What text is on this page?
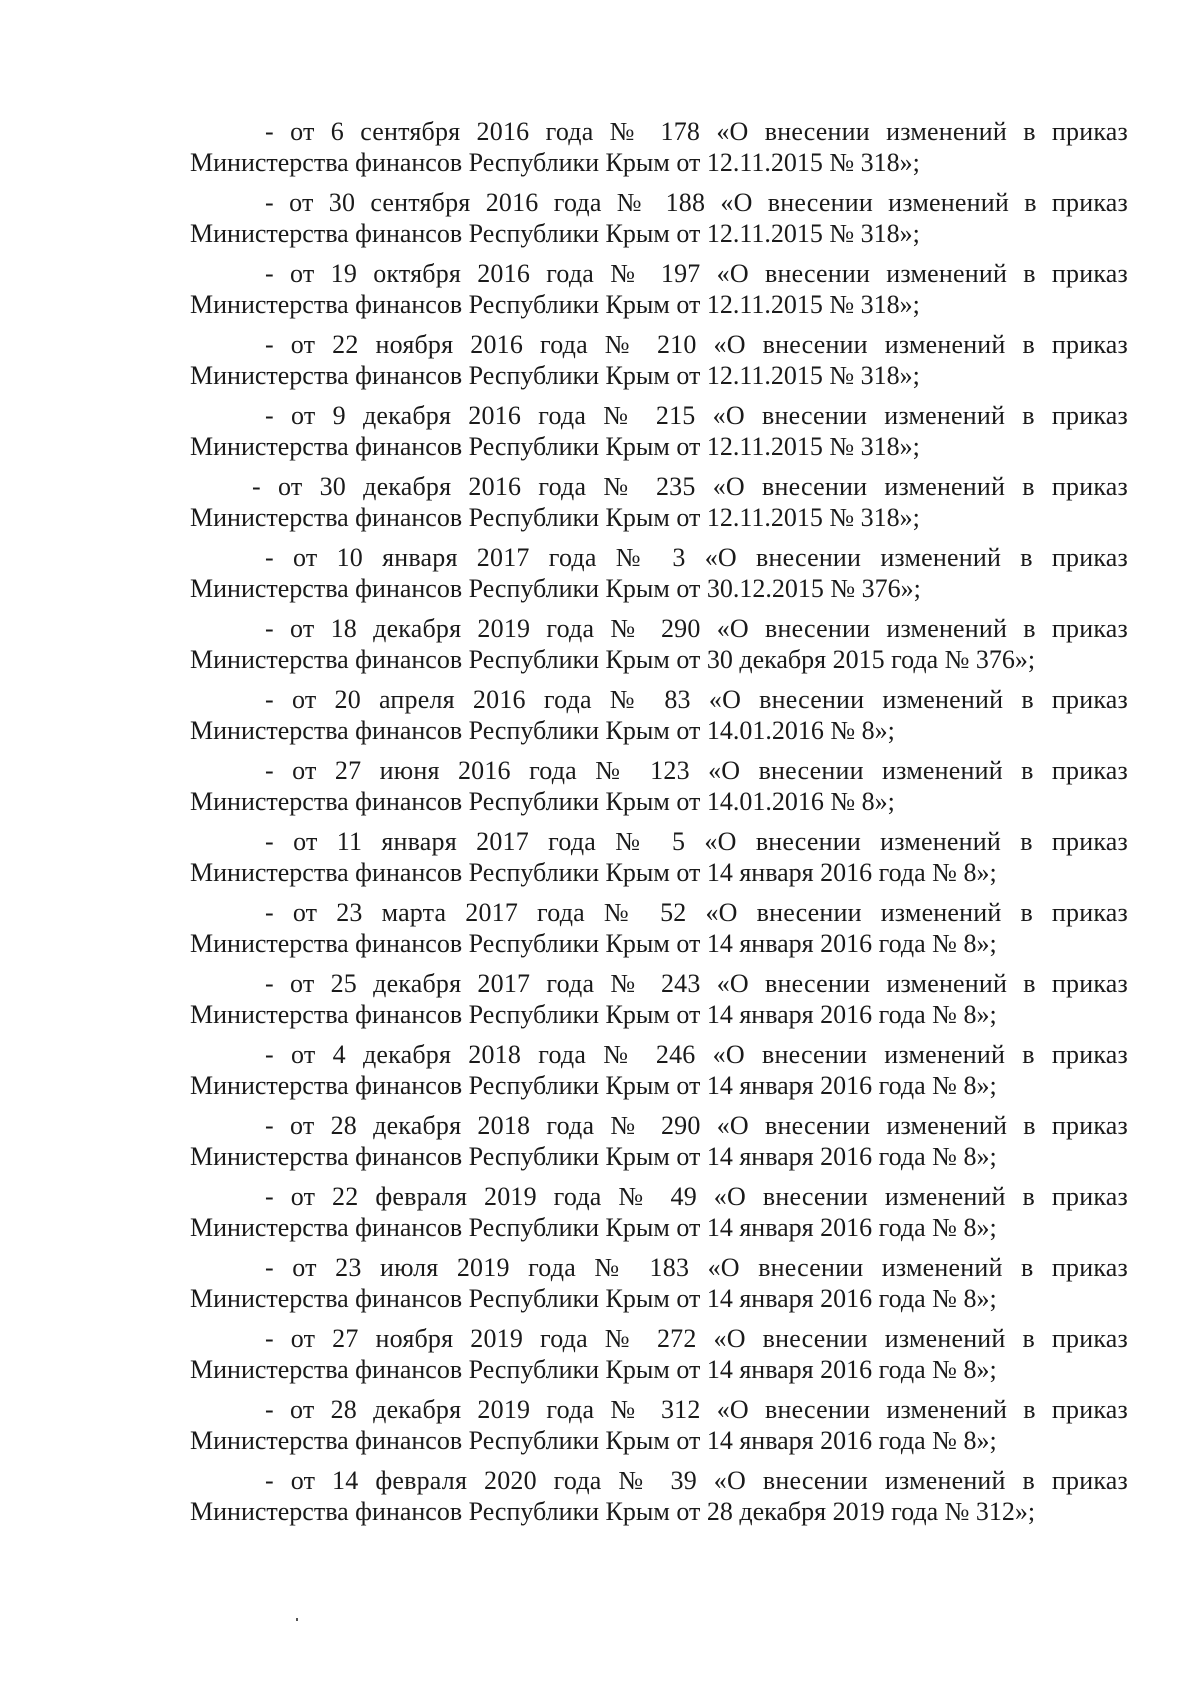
- от 6 сентября 2016 года № 178 «О внесении изменений в приказ
Министерства финансов Республики Крым от 12.11.2015 № 318»;
- от 30 сентября 2016 года № 188 «О внесении изменений в приказ
Министерства финансов Республики Крым от 12.11.2015 № 318»;
- от 19 октября 2016 года № 197 «О внесении изменений в приказ
Министерства финансов Республики Крым от 12.11.2015 № 318»;
- от 22 ноября 2016 года № 210 «О внесении изменений в приказ
Министерства финансов Республики Крым от 12.11.2015 № 318»;
- от 9 декабря 2016 года № 215 «О внесении изменений в приказ
Министерства финансов Республики Крым от 12.11.2015 № 318»;
- от 30 декабря 2016 года № 235 «О внесении изменений в приказ
Министерства финансов Республики Крым от 12.11.2015 № 318»;
- от 10 января 2017 года № 3 «О внесении изменений в приказ
Министерства финансов Республики Крым от 30.12.2015 № 376»;
- от 18 декабря 2019 года № 290 «О внесении изменений в приказ
Министерства финансов Республики Крым от 30 декабря 2015 года № 376»;
- от 20 апреля 2016 года № 83 «О внесении изменений в приказ
Министерства финансов Республики Крым от 14.01.2016 № 8»;
- от 27 июня 2016 года № 123 «О внесении изменений в приказ
Министерства финансов Республики Крым от 14.01.2016 № 8»;
- от 11 января 2017 года № 5 «О внесении изменений в приказ
Министерства финансов Республики Крым от 14 января 2016 года № 8»;
- от 23 марта 2017 года № 52 «О внесении изменений в приказ
Министерства финансов Республики Крым от 14 января 2016 года № 8»;
- от 25 декабря 2017 года № 243 «О внесении изменений в приказ
Министерства финансов Республики Крым от 14 января 2016 года № 8»;
- от 4 декабря 2018 года № 246 «О внесении изменений в приказ
Министерства финансов Республики Крым от 14 января 2016 года № 8»;
- от 28 декабря 2018 года № 290 «О внесении изменений в приказ
Министерства финансов Республики Крым от 14 января 2016 года № 8»;
- от 22 февраля 2019 года № 49 «О внесении изменений в приказ
Министерства финансов Республики Крым от 14 января 2016 года № 8»;
- от 23 июля 2019 года № 183 «О внесении изменений в приказ
Министерства финансов Республики Крым от 14 января 2016 года № 8»;
- от 27 ноября 2019 года № 272 «О внесении изменений в приказ
Министерства финансов Республики Крым от 14 января 2016 года № 8»;
- от 28 декабря 2019 года № 312 «О внесении изменений в приказ
Министерства финансов Республики Крым от 14 января 2016 года № 8»;
- от 14 февраля 2020 года № 39 «О внесении изменений в приказ
Министерства финансов Республики Крым от 28 декабря 2019 года № 312»;
